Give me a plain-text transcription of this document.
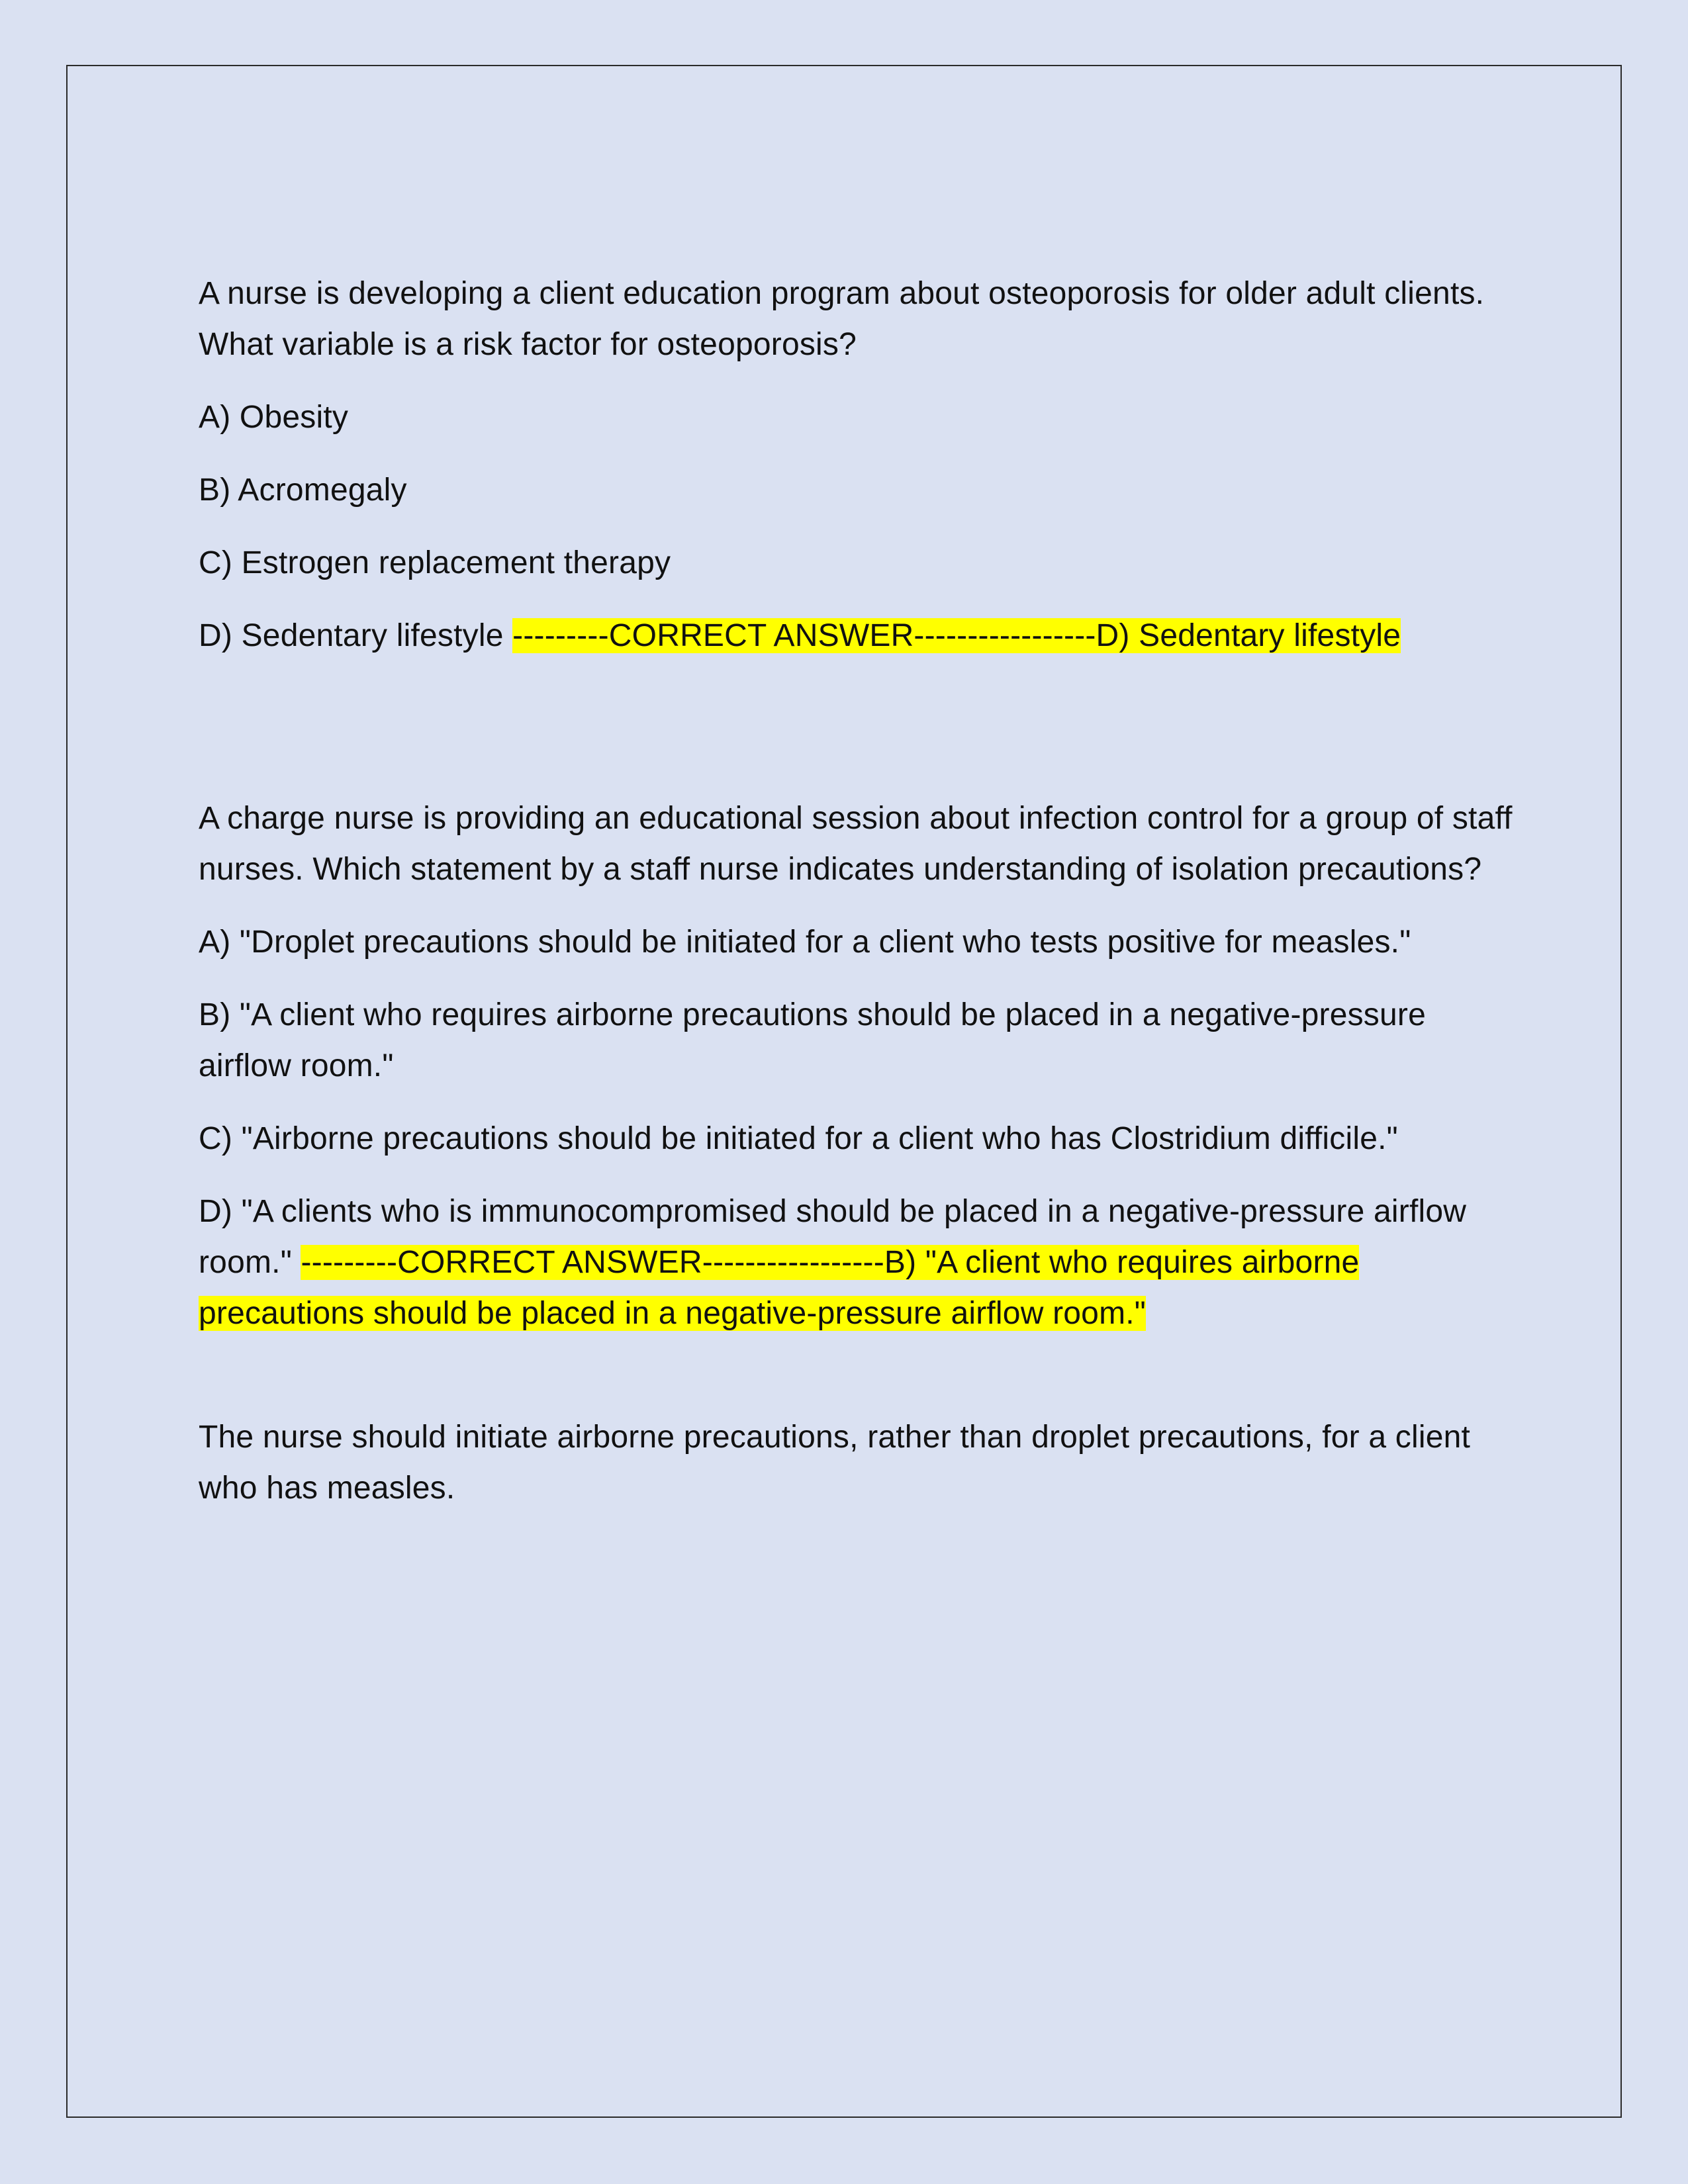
A nurse is developing a client education program about osteoporosis for older adult clients. What variable is a risk factor for osteoporosis?

A) Obesity

B) Acromegaly

C) Estrogen replacement therapy

D) Sedentary lifestyle ---------CORRECT ANSWER-----------------D) Sedentary lifestyle

A charge nurse is providing an educational session about infection control for a group of staff nurses. Which statement by a staff nurse indicates understanding of isolation precautions?

A) "Droplet precautions should be initiated for a client who tests positive for measles."

B) "A client who requires airborne precautions should be placed in a negative-pressure airflow room."

C) "Airborne precautions should be initiated for a client who has Clostridium difficile."

D) "A clients who is immunocompromised should be placed in a negative-pressure airflow room." ---------CORRECT ANSWER-----------------B) "A client who requires airborne precautions should be placed in a negative-pressure airflow room."

The nurse should initiate airborne precautions, rather than droplet precautions, for a client who has measles.
